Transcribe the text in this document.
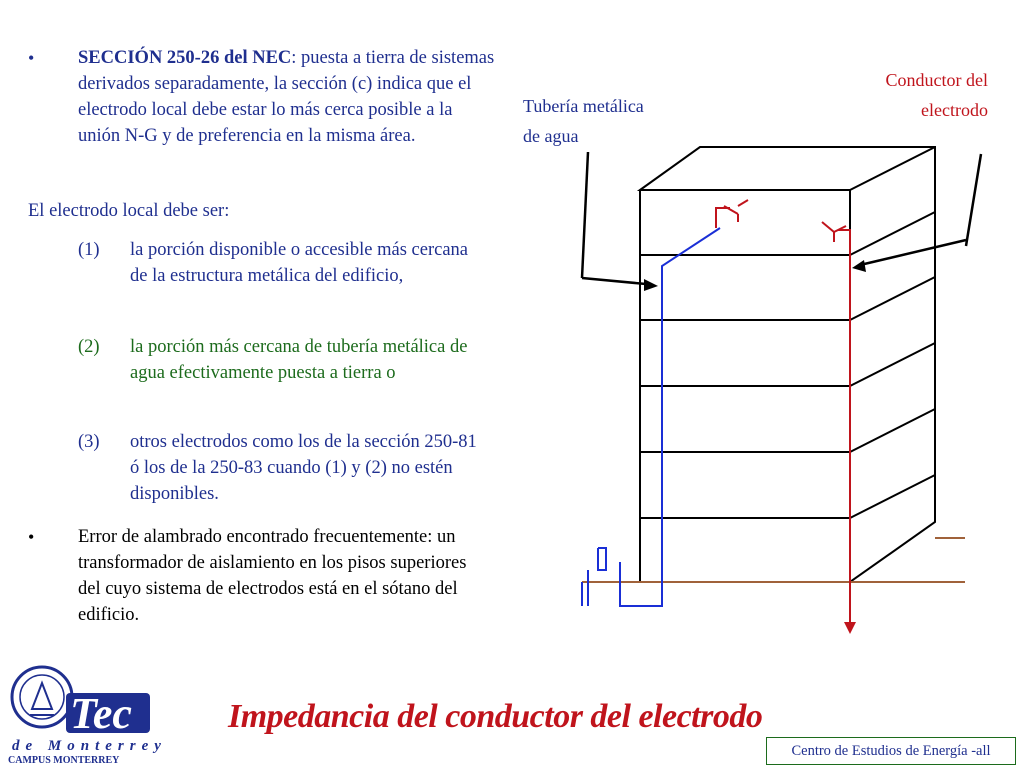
• SECCIÓN 250-26 del NEC: puesta a tierra de sistemas derivados separadamente, la sección (c) indica que el electrodo local debe estar lo más cerca posible a la unión N-G y de preferencia en la misma área.
El electrodo local debe ser:
(1) la porción disponible o accesible más cercana de la estructura metálica del edificio,
(2) la porción más cercana de tubería metálica de agua efectivamente puesta a tierra o
(3) otros electrodos como los de la sección 250-81 ó los de la 250-83 cuando (1) y (2) no estén disponibles.
• Error de alambrado encontrado frecuentemente: un transformador de aislamiento en los pisos superiores del cuyo sistema de electrodos está en el sótano del edificio.
Tubería metálica
de agua
Conductor del
electrodo
Tec
de Monterrey
CAMPUS MONTERREY
Impedancia del conductor del electrodo
Centro de Estudios de Energía -all
